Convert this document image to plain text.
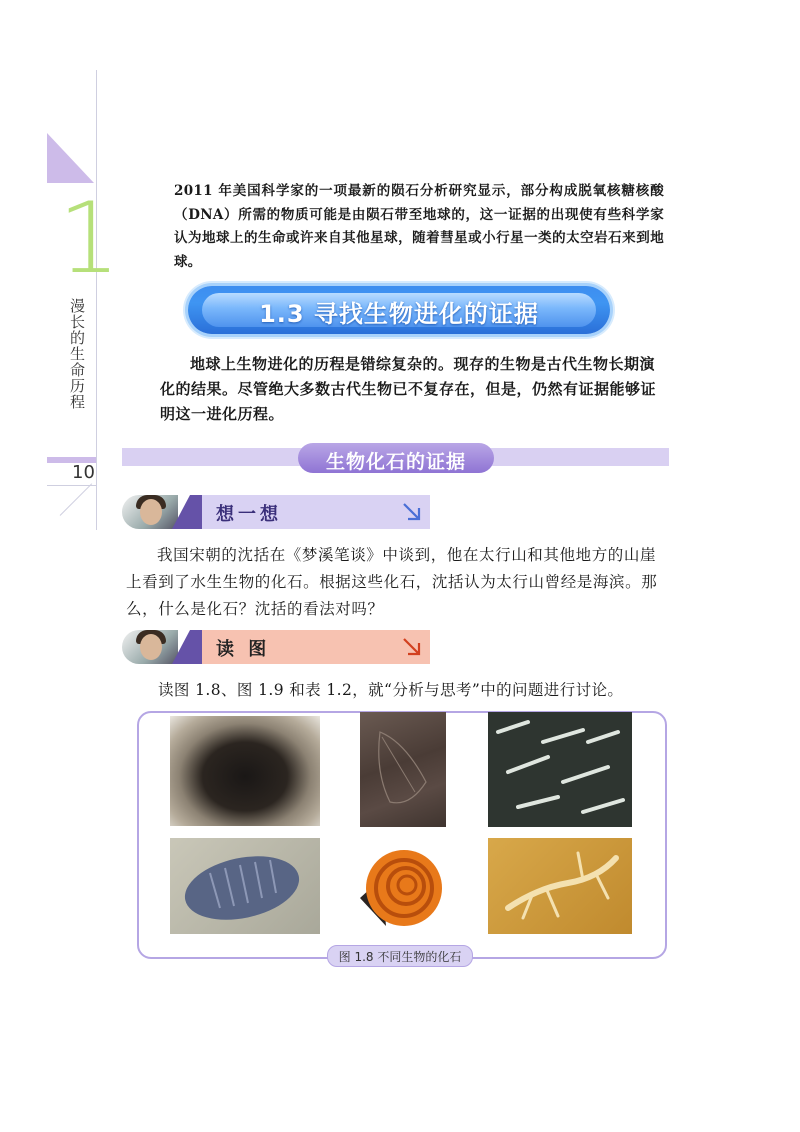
1
漫长的生命历程
10
2011 年美国科学家的一项最新的陨石分析研究显示，部分构成脱氧核糖核酸（DNA）所需的物质可能是由陨石带至地球的，这一证据的出现使有些科学家认为地球上的生命或许来自其他星球，随着彗星或小行星一类的太空岩石来到地球。
1.3 寻找生物进化的证据
地球上生物进化的历程是错综复杂的。现存的生物是古代生物长期演化的结果。尽管绝大多数古代生物已不复存在，但是，仍然有证据能够证明这一进化历程。
生物化石的证据
想一想
我国宋朝的沈括在《梦溪笔谈》中谈到，他在太行山和其他地方的山崖上看到了水生生物的化石。根据这些化石，沈括认为太行山曾经是海滨。那么，什么是化石？沈括的看法对吗？
读 图
读图 1.8、图 1.9 和表 1.2，就“分析与思考”中的问题进行讨论。
图 1.8 不同生物的化石
